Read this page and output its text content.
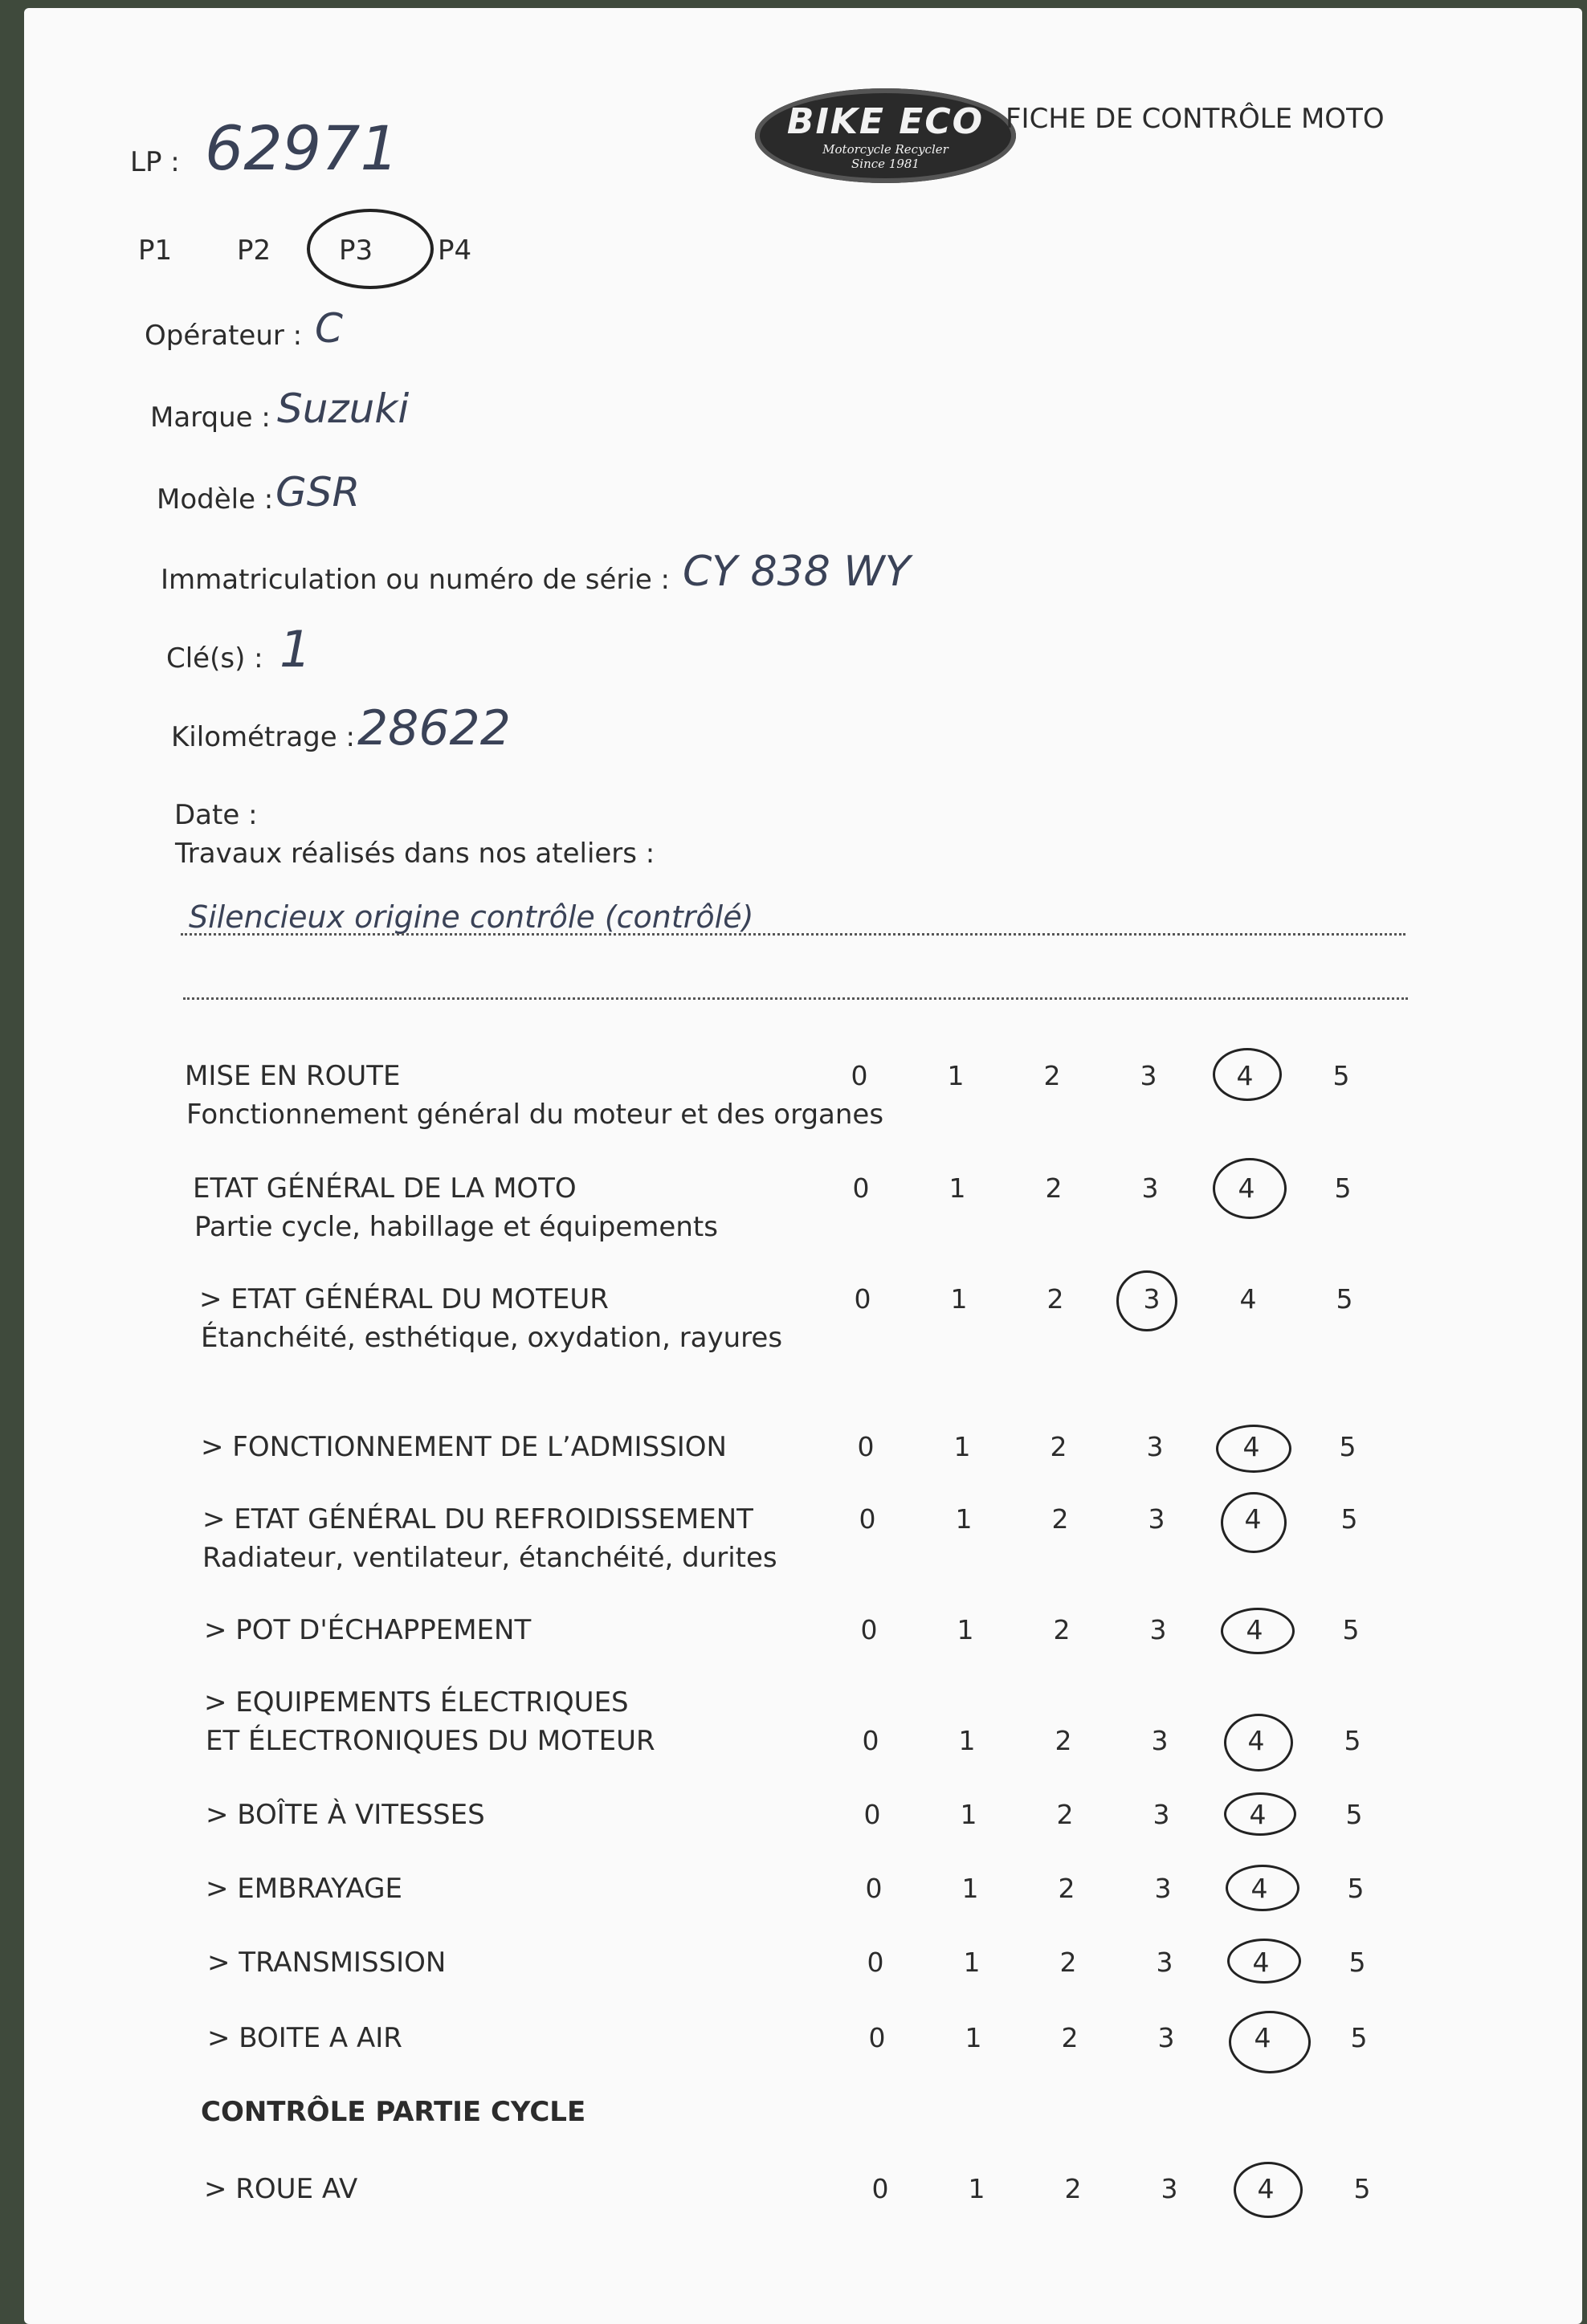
BIKE ECO
Motorcycle Recycler
Since 1981
FICHE DE CONTRÔLE MOTO
LP : 62971
P1 P2 P3 P4
Opérateur : C
Marque : Suzuki
Modèle : GSR
Immatriculation ou numéro de série : CY 838 WY
Clé(s) : 1
Kilométrage : 28622
Date :
Travaux réalisés dans nos ateliers :
Silencieux origine contrôle (contrôlé)
MISE EN ROUTE
Fonctionnement général du moteur et des organes
0	1	2	3	4	5
ETAT GÉNÉRAL DE LA MOTO
Partie cycle, habillage et équipements
0	1	2	3	4	5
> ETAT GÉNÉRAL DU MOTEUR
Étanchéité, esthétique, oxydation, rayures
0	1	2	3	4	5
> FONCTIONNEMENT DE L’ADMISSION	0	1	2	3	4	5
> ETAT GÉNÉRAL DU REFROIDISSEMENT
Radiateur, ventilateur, étanchéité, durites
0	1	2	3	4	5
> POT D'ÉCHAPPEMENT	0	1	2	3	4	5
> EQUIPEMENTS ÉLECTRIQUES
ET ÉLECTRONIQUES DU MOTEUR	0	1	2	3	4	5
> BOÎTE À VITESSES	0	1	2	3	4	5
> EMBRAYAGE	0	1	2	3	4	5
> TRANSMISSION	0	1	2	3	4	5
> BOITE A AIR	0	1	2	3	4	5
CONTRÔLE PARTIE CYCLE
> ROUE AV	0	1	2	3	4	5
